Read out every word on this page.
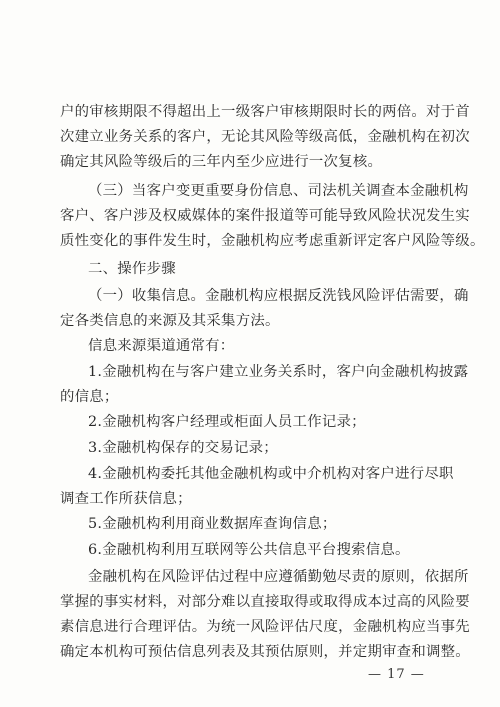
户的审核期限不得超出上一级客户审核期限时长的两倍。对于首
次建立业务关系的客户，无论其风险等级高低，金融机构在初次
确定其风险等级后的三年内至少应进行一次复核。
（三）当客户变更重要身份信息、司法机关调查本金融机构
客户、客户涉及权威媒体的案件报道等可能导致风险状况发生实
质性变化的事件发生时，金融机构应考虑重新评定客户风险等级。
二、操作步骤
（一）收集信息。金融机构应根据反洗钱风险评估需要，确
定各类信息的来源及其采集方法。
信息来源渠道通常有：
1.金融机构在与客户建立业务关系时，客户向金融机构披露
的信息；
2.金融机构客户经理或柜面人员工作记录；
3.金融机构保存的交易记录；
4.金融机构委托其他金融机构或中介机构对客户进行尽职
调查工作所获信息；
5.金融机构利用商业数据库查询信息；
6.金融机构利用互联网等公共信息平台搜索信息。
金融机构在风险评估过程中应遵循勤勉尽责的原则，依据所
掌握的事实材料，对部分难以直接取得或取得成本过高的风险要
素信息进行合理评估。为统一风险评估尺度，金融机构应当事先
确定本机构可预估信息列表及其预估原则，并定期审查和调整。
— 17 —
